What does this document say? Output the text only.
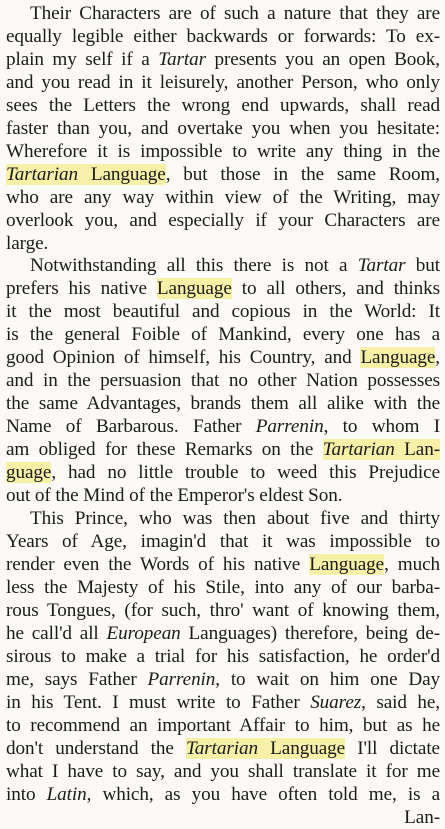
Their Characters are of such a nature that they are
equally legible either backwards or forwards: To ex-
plain my self if a Tartar presents you an open Book,
and you read in it leisurely, another Person, who only
sees the Letters the wrong end upwards, shall read
faster than you, and overtake you when you hesitate:
Wherefore it is impossible to write any thing in the
Tartarian Language, but those in the same Room,
who are any way within view of the Writing, may
overlook you, and especially if your Characters are
large.
Notwithstanding all this there is not a Tartar but
prefers his native Language to all others, and thinks
it the most beautiful and copious in the World: It
is the general Foible of Mankind, every one has a
good Opinion of himself, his Country, and Language,
and in the persuasion that no other Nation possesses
the same Advantages, brands them all alike with the
Name of Barbarous. Father Parrenin, to whom I
am obliged for these Remarks on the Tartarian Lan-
guage, had no little trouble to weed this Prejudice
out of the Mind of the Emperor's eldest Son.
This Prince, who was then about five and thirty
Years of Age, imagin'd that it was impossible to
render even the Words of his native Language, much
less the Majesty of his Stile, into any of our barba-
rous Tongues, (for such, thro' want of knowing them,
he call'd all European Languages) therefore, being de-
sirous to make a trial for his satisfaction, he order'd
me, says Father Parrenin, to wait on him one Day
in his Tent. I must write to Father Suarez, said he,
to recommend an important Affair to him, but as he
don't understand the Tartarian Language I'll dictate
what I have to say, and you shall translate it for me
into Latin, which, as you have often told me, is a
Lan-
